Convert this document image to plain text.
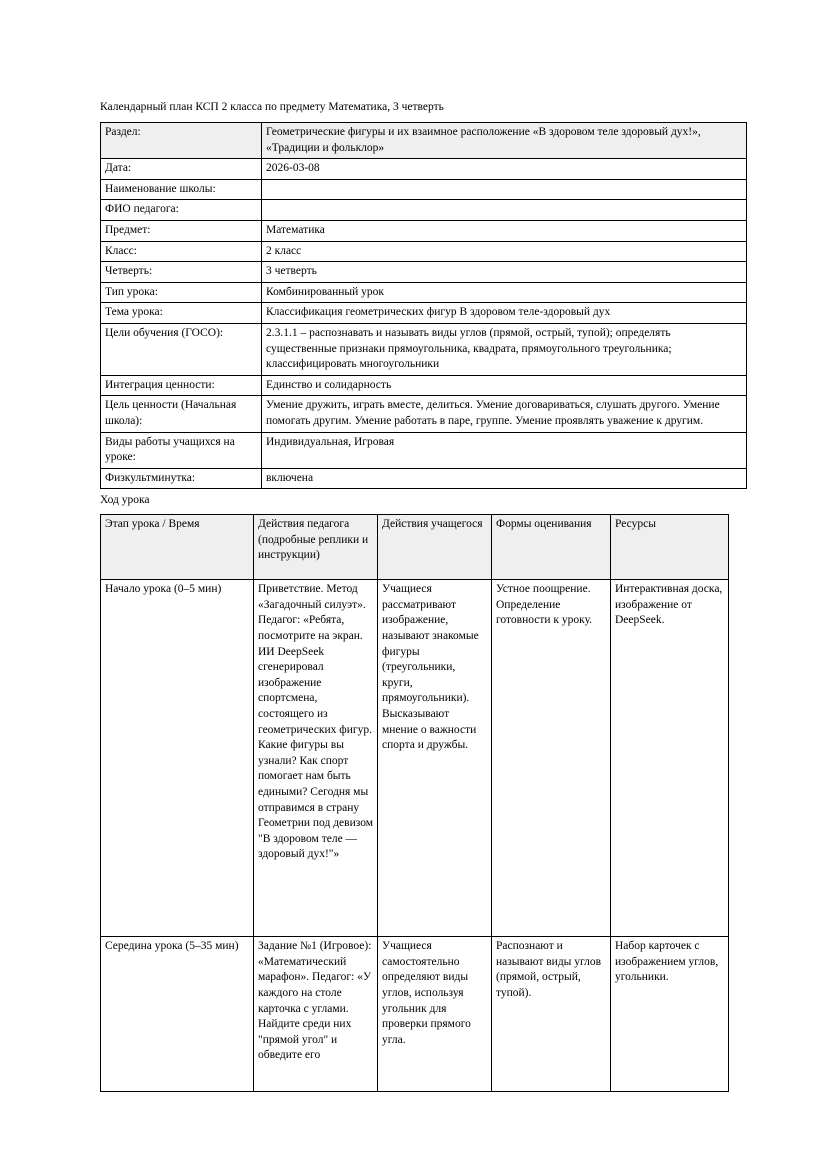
Календарный план КСП 2 класса по предмету Математика, 3 четверть

Раздел:	Геометрические фигуры и их взаимное расположение «В здоровом теле здоровый дух!», «Традиции и фольклор»
Дата:	2026-03-08
Наименование школы:	
ФИО педагога:	
Предмет:	Математика
Класс:	2 класс
Четверть:	3 четверть
Тип урока:	Комбинированный урок
Тема урока:	Классификация геометрических фигур В здоровом теле-здоровый дух
Цели обучения (ГОСО):	2.3.1.1 – распознавать и называть виды углов (прямой, острый, тупой); определять существенные признаки прямоугольника, квадрата, прямоугольного треугольника; классифицировать многоугольники
Интеграция ценности:	Единство и солидарность
Цель ценности (Начальная школа):	Умение дружить, играть вместе, делиться. Умение договариваться, слушать другого. Умение помогать другим. Умение работать в паре, группе. Умение проявлять уважение к другим.
Виды работы учащихся на уроке:	Индивидуальная, Игровая
Физкультминутка:	включена

Ход урока

Этап урока / Время	Действия педагога (подробные реплики и инструкции)	Действия учащегося	Формы оценивания	Ресурсы
Начало урока (0–5 мин)	Приветствие. Метод «Загадочный силуэт». Педагог: «Ребята, посмотрите на экран. ИИ DeepSeek сгенерировал изображение спортсмена, состоящего из геометрических фигур. Какие фигуры вы узнали? Как спорт помогает нам быть едиными? Сегодня мы отправимся в страну Геометрии под девизом "В здоровом теле — здоровый дух!"»	Учащиеся рассматривают изображение, называют знакомые фигуры (треугольники, круги, прямоугольники). Высказывают мнение о важности спорта и дружбы.	Устное поощрение. Определение готовности к уроку.	Интерактивная доска, изображение от DeepSeek.
Середина урока (5–35 мин)	Задание №1 (Игровое): «Математический марафон». Педагог: «У каждого на столе карточка с углами. Найдите среди них "прямой угол" и обведите его	Учащиеся самостоятельно определяют виды углов, используя угольник для проверки прямого угла.	Распознают и называют виды углов (прямой, острый, тупой).	Набор карточек с изображением углов, угольники.
